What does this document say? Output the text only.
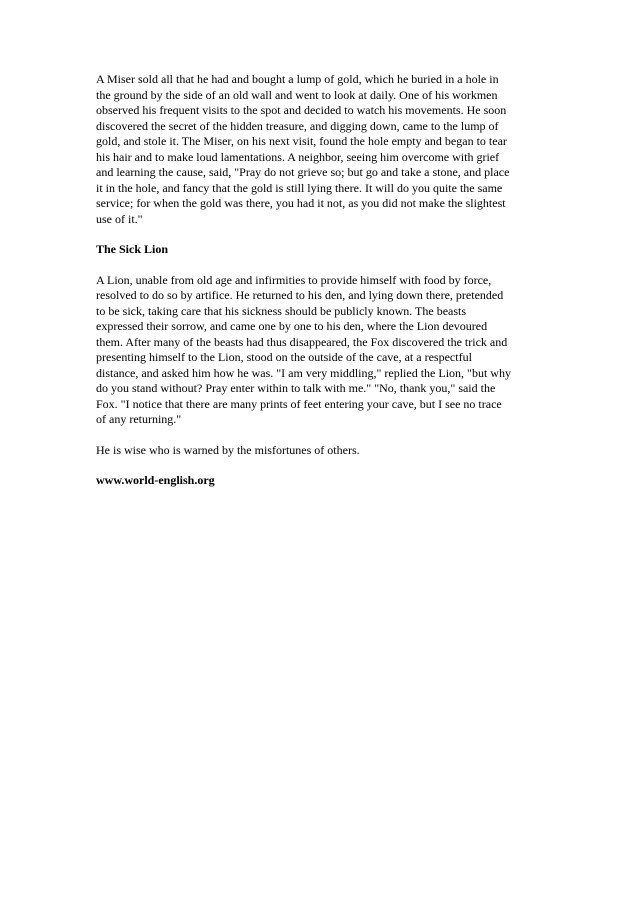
A Miser sold all that he had and bought a lump of gold, which he buried in a hole in
the ground by the side of an old wall and went to look at daily. One of his workmen
observed his frequent visits to the spot and decided to watch his movements. He soon
discovered the secret of the hidden treasure, and digging down, came to the lump of
gold, and stole it. The Miser, on his next visit, found the hole empty and began to tear
his hair and to make loud lamentations. A neighbor, seeing him overcome with grief
and learning the cause, said, "Pray do not grieve so; but go and take a stone, and place
it in the hole, and fancy that the gold is still lying there. It will do you quite the same
service; for when the gold was there, you had it not, as you did not make the slightest
use of it."
The Sick Lion
A Lion, unable from old age and infirmities to provide himself with food by force,
resolved to do so by artifice. He returned to his den, and lying down there, pretended
to be sick, taking care that his sickness should be publicly known. The beasts
expressed their sorrow, and came one by one to his den, where the Lion devoured
them. After many of the beasts had thus disappeared, the Fox discovered the trick and
presenting himself to the Lion, stood on the outside of the cave, at a respectful
distance, and asked him how he was. "I am very middling," replied the Lion, "but why
do you stand without? Pray enter within to talk with me." "No, thank you," said the
Fox. "I notice that there are many prints of feet entering your cave, but I see no trace
of any returning."
He is wise who is warned by the misfortunes of others.
www.world-english.org
